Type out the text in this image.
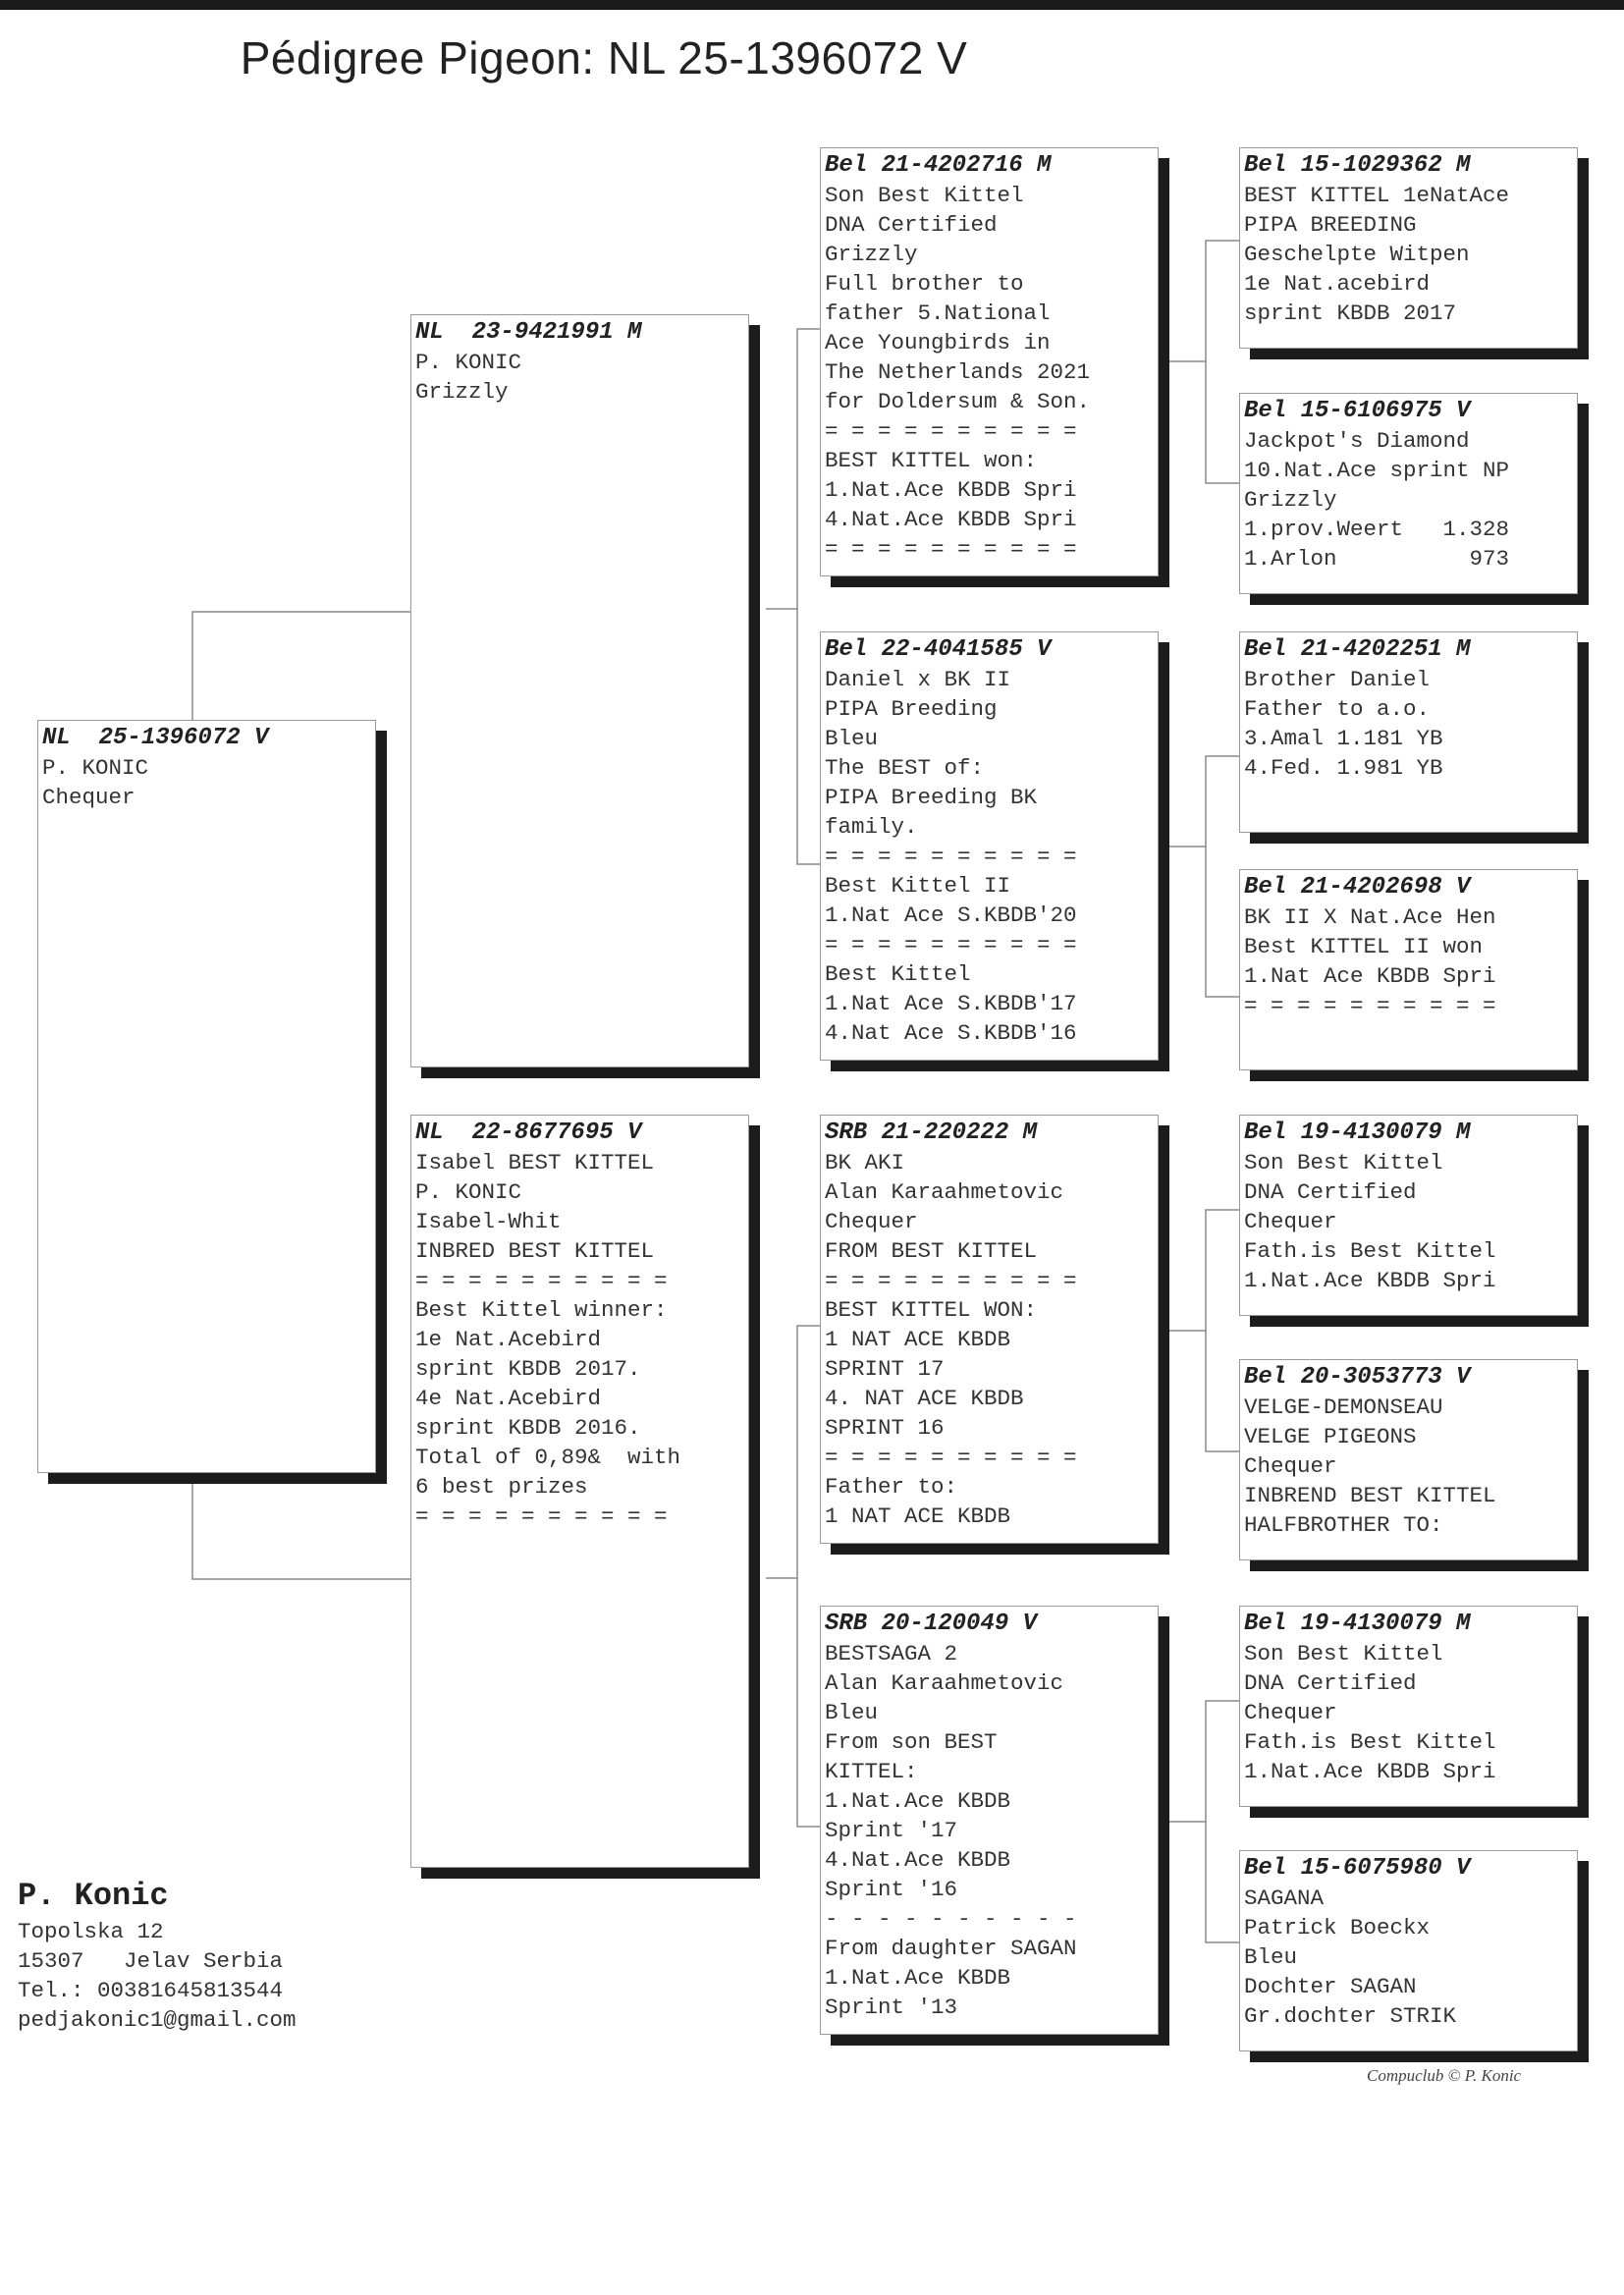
Pédigree Pigeon: NL 25-1396072 V
NL  25-1396072 V
P. KONIC
Chequer
NL  23-9421991 M
P. KONIC
Grizzly
NL  22-8677695 V
Isabel BEST KITTEL
P. KONIC
Isabel-Whit
INBRED BEST KITTEL
= = = = = = = = = =
Best Kittel winner:
1e Nat.Acebird
sprint KBDB 2017.
4e Nat.Acebird
sprint KBDB 2016.
Total of 0,89&  with
6 best prizes
= = = = = = = = = =
Bel 21-4202716 M
Son Best Kittel
DNA Certified
Grizzly
Full brother to
father 5.National
Ace Youngbirds in
The Netherlands 2021
for Doldersum & Son.
= = = = = = = = = =
BEST KITTEL won:
1.Nat.Ace KBDB Spri
4.Nat.Ace KBDB Spri
= = = = = = = = = =
Bel 22-4041585 V
Daniel x BK II
PIPA Breeding
Bleu
The BEST of:
PIPA Breeding BK
family.
= = = = = = = = = =
Best Kittel II
1.Nat Ace S.KBDB'20
= = = = = = = = = =
Best Kittel
1.Nat Ace S.KBDB'17
4.Nat Ace S.KBDB'16
SRB 21-220222 M
BK AKI
Alan Karaahmetovic
Chequer
FROM BEST KITTEL
= = = = = = = = = =
BEST KITTEL WON:
1 NAT ACE KBDB
SPRINT 17
4. NAT ACE KBDB
SPRINT 16
= = = = = = = = = =
Father to:
1 NAT ACE KBDB
SRB 20-120049 V
BESTSAGA 2
Alan Karaahmetovic
Bleu
From son BEST
KITTEL:
1.Nat.Ace KBDB
Sprint '17
4.Nat.Ace KBDB
Sprint '16
- - - - - - - - - -
From daughter SAGAN
1.Nat.Ace KBDB
Sprint '13
Bel 15-1029362 M
BEST KITTEL 1eNatAce
PIPA BREEDING
Geschelpte Witpen
1e Nat.acebird
sprint KBDB 2017
Bel 15-6106975 V
Jackpot's Diamond
10.Nat.Ace sprint NP
Grizzly
1.prov.Weert   1.328
1.Arlon          973
Bel 21-4202251 M
Brother Daniel
Father to a.o.
3.Amal 1.181 YB
4.Fed. 1.981 YB
Bel 21-4202698 V
BK II X Nat.Ace Hen
Best KITTEL II won
1.Nat Ace KBDB Spri
= = = = = = = = = =
Bel 19-4130079 M
Son Best Kittel
DNA Certified
Chequer
Fath.is Best Kittel
1.Nat.Ace KBDB Spri
Bel 20-3053773 V
VELGE-DEMONSEAU
VELGE PIGEONS
Chequer
INBREND BEST KITTEL
HALFBROTHER TO:
Bel 19-4130079 M
Son Best Kittel
DNA Certified
Chequer
Fath.is Best Kittel
1.Nat.Ace KBDB Spri
Bel 15-6075980 V
SAGANA
Patrick Boeckx
Bleu
Dochter SAGAN
Gr.dochter STRIK
P. Konic
Topolska 12
15307   Jelav Serbia
Tel.: 00381645813544
pedjakonic1@gmail.com
Compuclub © P. Konic
